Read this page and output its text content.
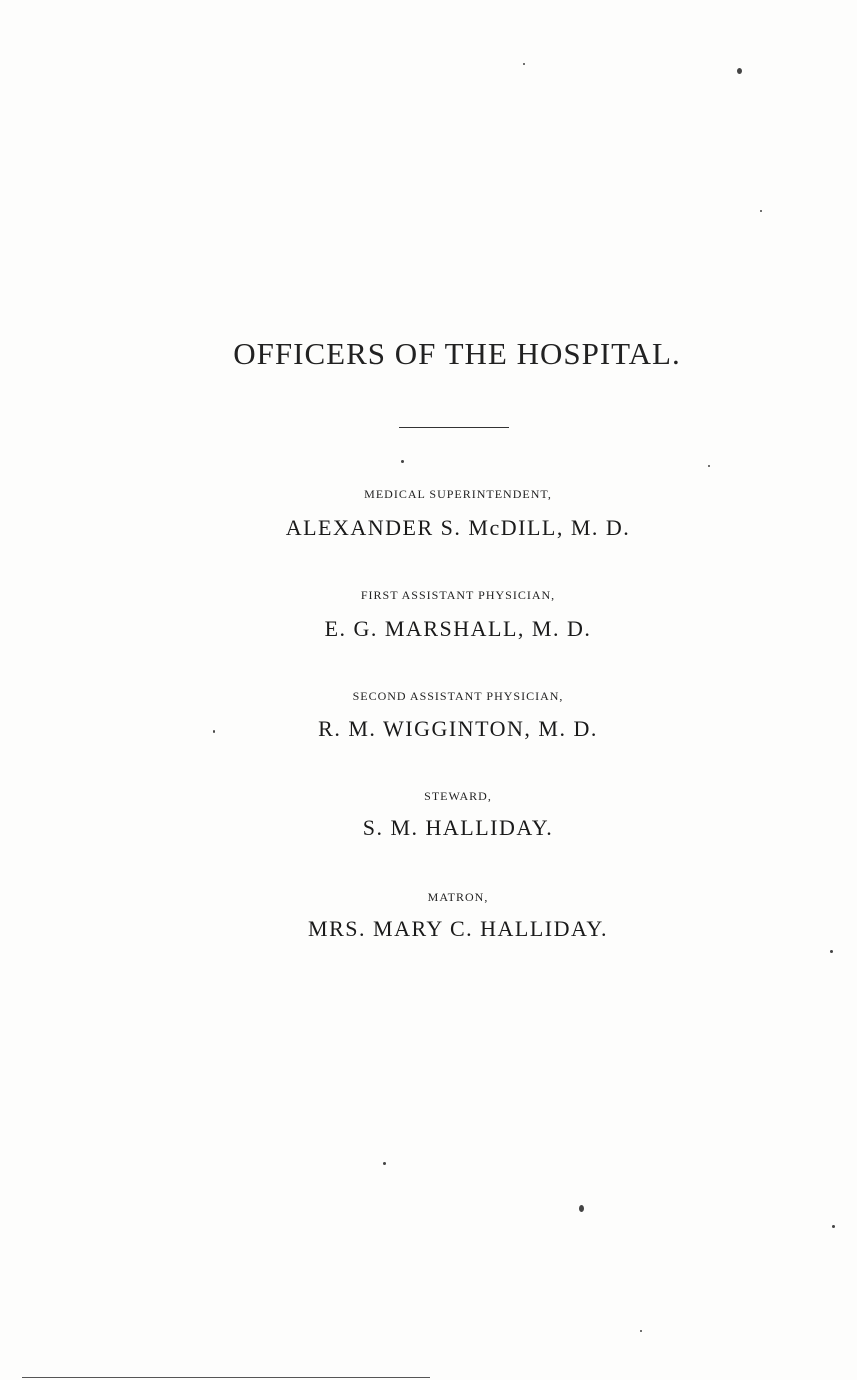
OFFICERS OF THE HOSPITAL.
MEDICAL SUPERINTENDENT,
ALEXANDER S. McDILL, M. D.
FIRST ASSISTANT PHYSICIAN,
E. G. MARSHALL, M. D.
SECOND ASSISTANT PHYSICIAN,
R. M. WIGGINTON, M. D.
STEWARD,
S. M. HALLIDAY.
MATRON,
MRS. MARY C. HALLIDAY.
